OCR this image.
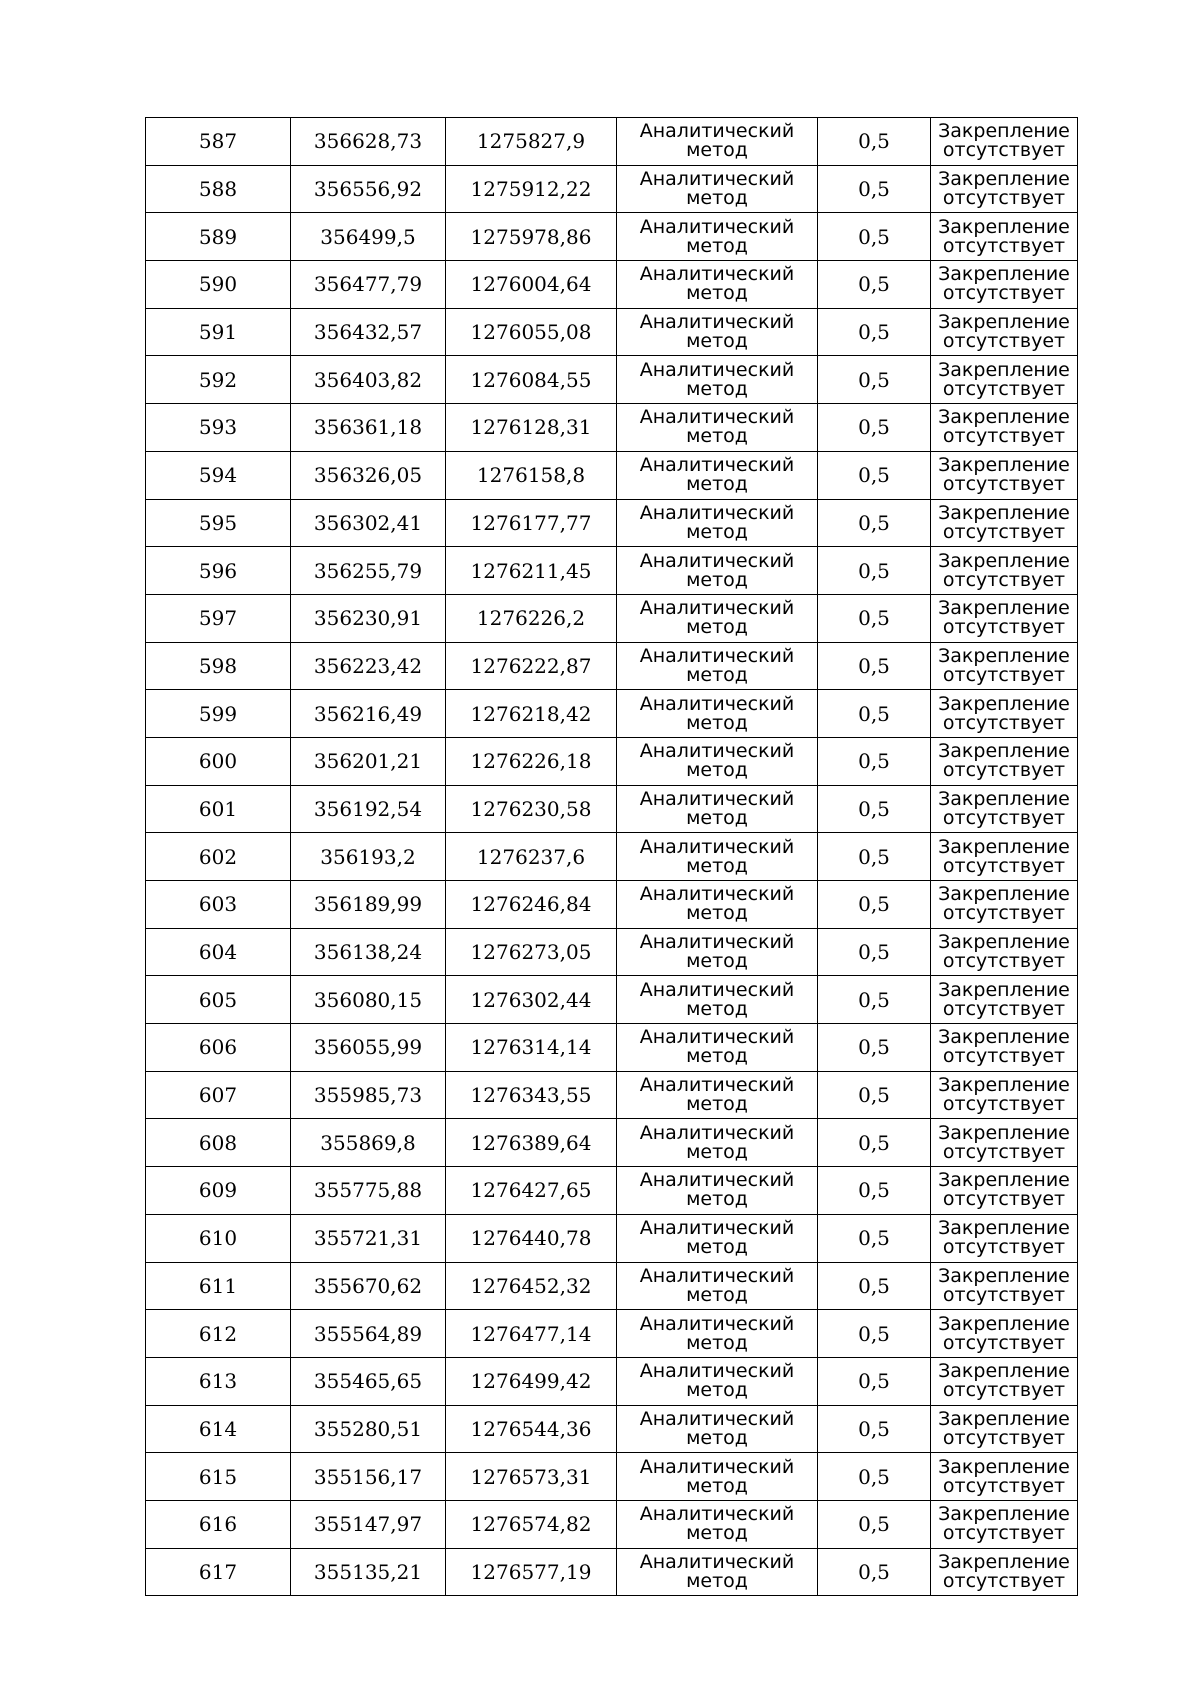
587	356628,73	1275827,9	Аналитический
метод	0,5	Закрепление
отсутствует

588	356556,92	1275912,22	Аналитический
метод	0,5	Закрепление
отсутствует

589	356499,5	1275978,86	Аналитический
метод	0,5	Закрепление
отсутствует

590	356477,79	1276004,64	Аналитический
метод	0,5	Закрепление
отсутствует

591	356432,57	1276055,08	Аналитический
метод	0,5	Закрепление
отсутствует

592	356403,82	1276084,55	Аналитический
метод	0,5	Закрепление
отсутствует

593	356361,18	1276128,31	Аналитический
метод	0,5	Закрепление
отсутствует

594	356326,05	1276158,8	Аналитический
метод	0,5	Закрепление
отсутствует

595	356302,41	1276177,77	Аналитический
метод	0,5	Закрепление
отсутствует

596	356255,79	1276211,45	Аналитический
метод	0,5	Закрепление
отсутствует

597	356230,91	1276226,2	Аналитический
метод	0,5	Закрепление
отсутствует

598	356223,42	1276222,87	Аналитический
метод	0,5	Закрепление
отсутствует

599	356216,49	1276218,42	Аналитический
метод	0,5	Закрепление
отсутствует

600	356201,21	1276226,18	Аналитический
метод	0,5	Закрепление
отсутствует

601	356192,54	1276230,58	Аналитический
метод	0,5	Закрепление
отсутствует

602	356193,2	1276237,6	Аналитический
метод	0,5	Закрепление
отсутствует

603	356189,99	1276246,84	Аналитический
метод	0,5	Закрепление
отсутствует

604	356138,24	1276273,05	Аналитический
метод	0,5	Закрепление
отсутствует

605	356080,15	1276302,44	Аналитический
метод	0,5	Закрепление
отсутствует

606	356055,99	1276314,14	Аналитический
метод	0,5	Закрепление
отсутствует

607	355985,73	1276343,55	Аналитический
метод	0,5	Закрепление
отсутствует

608	355869,8	1276389,64	Аналитический
метод	0,5	Закрепление
отсутствует

609	355775,88	1276427,65	Аналитический
метод	0,5	Закрепление
отсутствует

610	355721,31	1276440,78	Аналитический
метод	0,5	Закрепление
отсутствует

611	355670,62	1276452,32	Аналитический
метод	0,5	Закрепление
отсутствует

612	355564,89	1276477,14	Аналитический
метод	0,5	Закрепление
отсутствует

613	355465,65	1276499,42	Аналитический
метод	0,5	Закрепление
отсутствует

614	355280,51	1276544,36	Аналитический
метод	0,5	Закрепление
отсутствует

615	355156,17	1276573,31	Аналитический
метод	0,5	Закрепление
отсутствует

616	355147,97	1276574,82	Аналитический
метод	0,5	Закрепление
отсутствует

617	355135,21	1276577,19	Аналитический
метод	0,5	Закрепление
отсутствует
